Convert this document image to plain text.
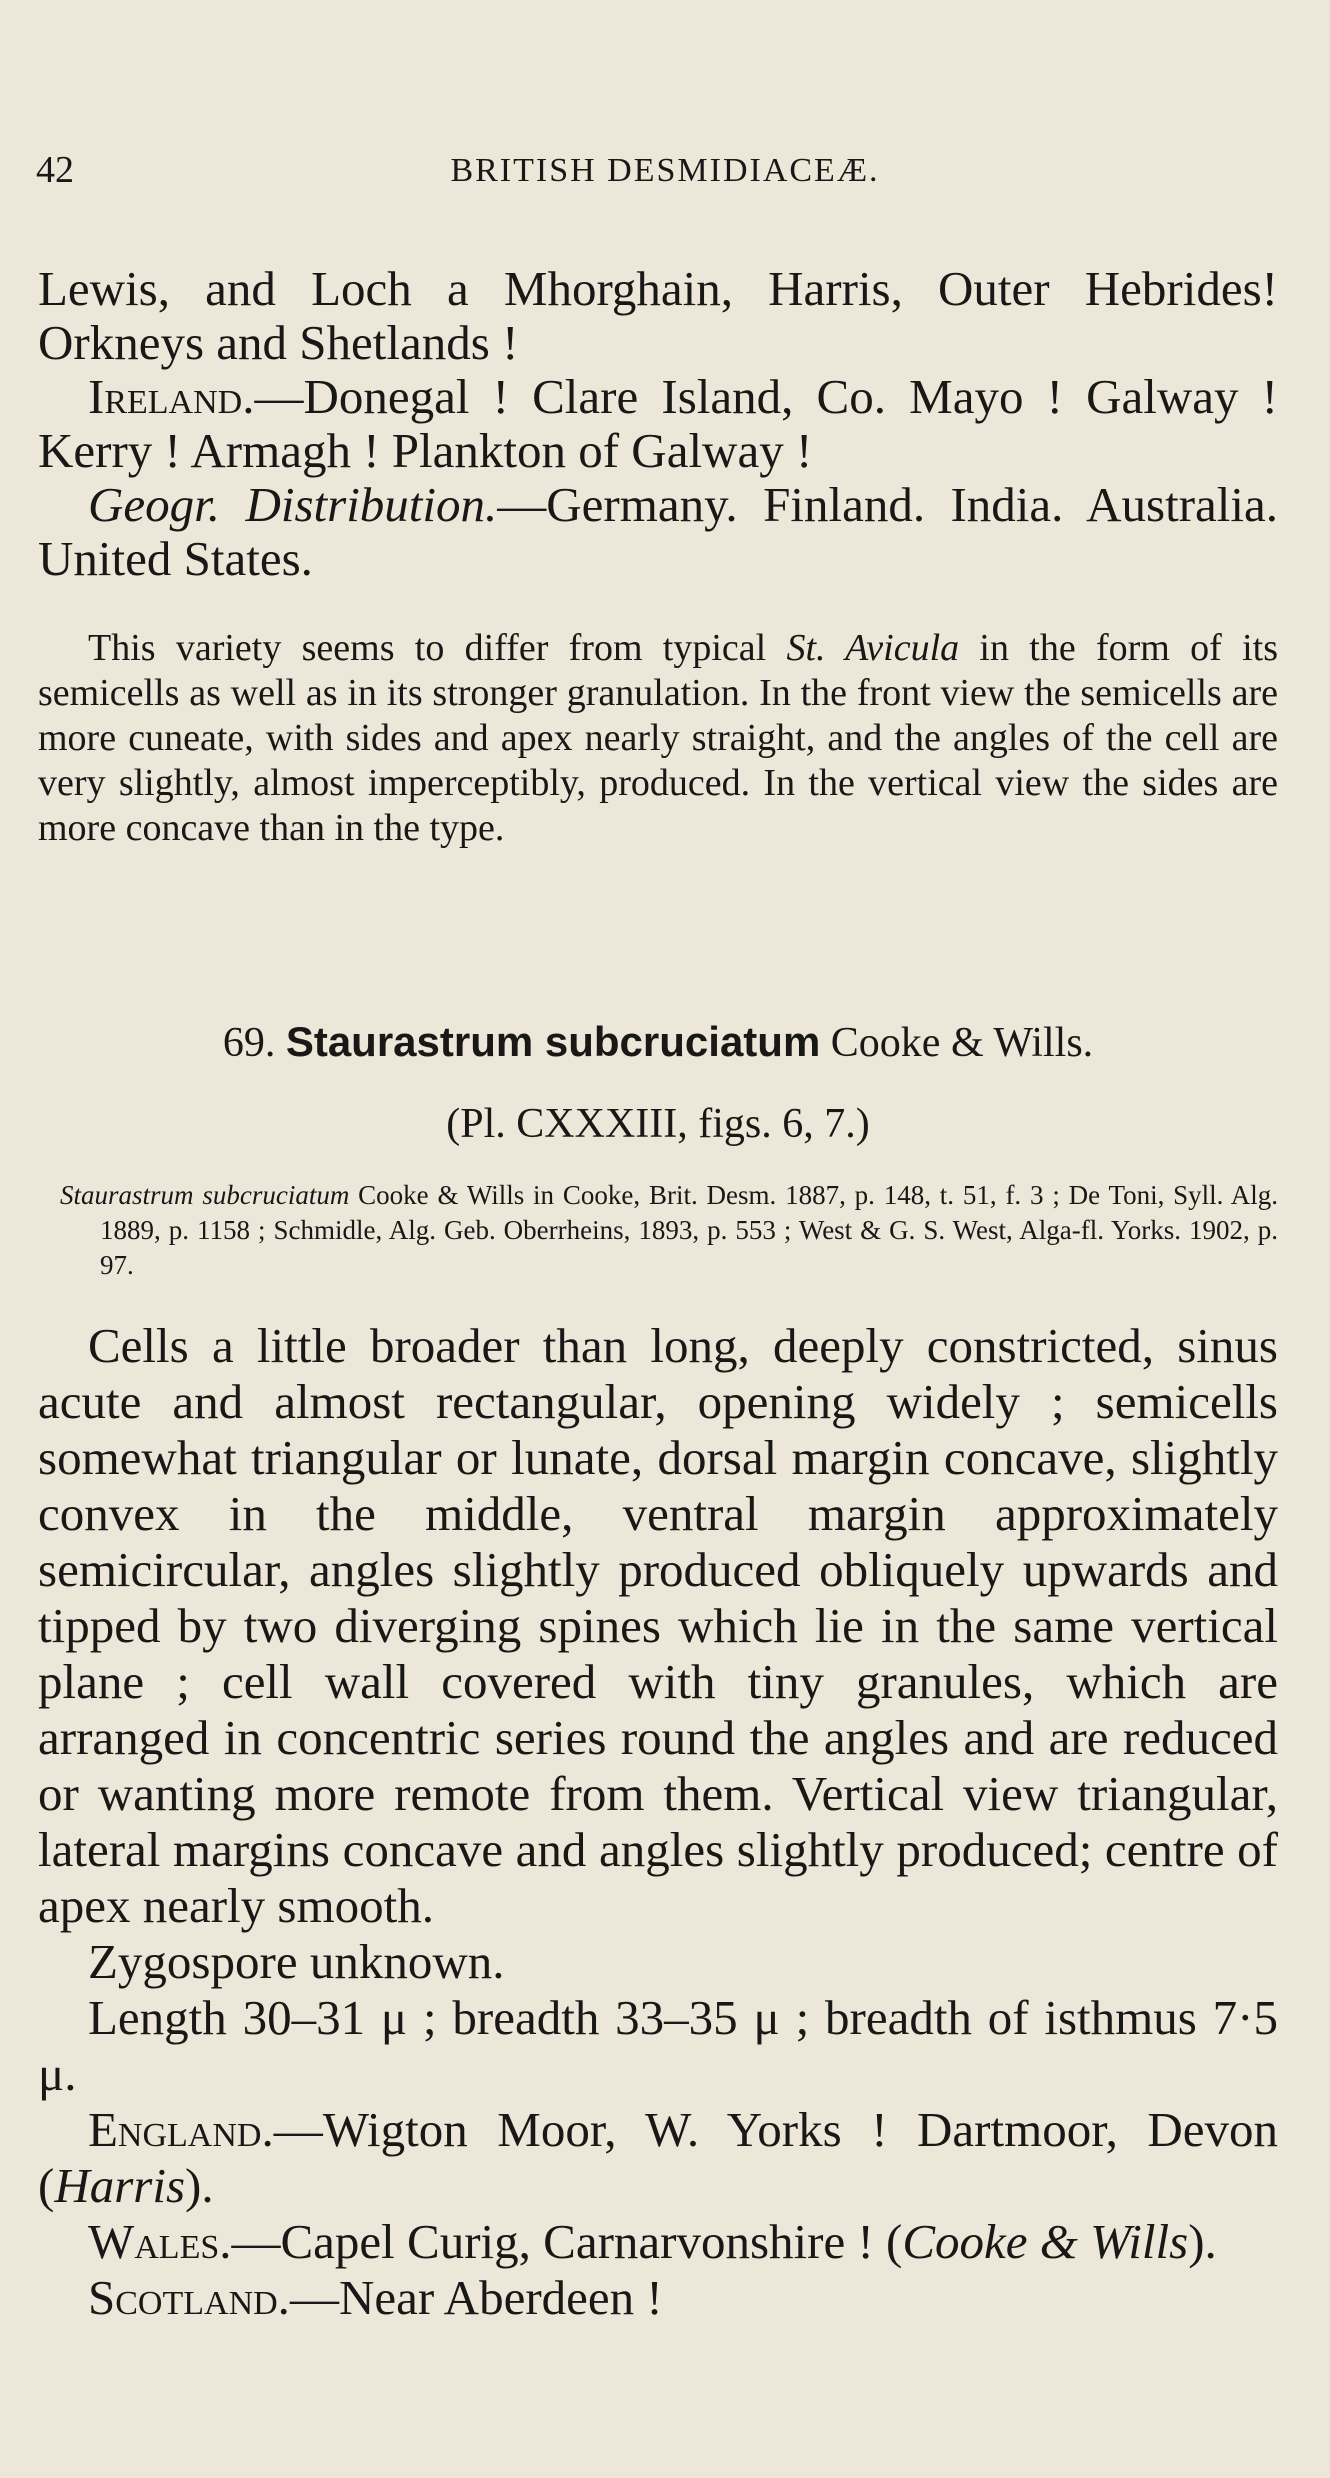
42	BRITISH DESMIDIACEÆ.

Lewis, and Loch a Mhorghain, Harris, Outer Hebrides! Orkneys and Shetlands !

Ireland.—Donegal ! Clare Island, Co. Mayo ! Galway ! Kerry ! Armagh ! Plankton of Galway !

Geogr. Distribution.—Germany. Finland. India. Australia. United States.

This variety seems to differ from typical St. Avicula in the form of its semicells as well as in its stronger granulation. In the front view the semicells are more cuneate, with sides and apex nearly straight, and the angles of the cell are very slightly, almost imperceptibly, produced. In the vertical view the sides are more concave than in the type.

69. Staurastrum subcruciatum Cooke & Wills.

(Pl. CXXXIII, figs. 6, 7.)

Staurastrum subcruciatum Cooke & Wills in Cooke, Brit. Desm. 1887, p. 148, t. 51, f. 3 ; De Toni, Syll. Alg. 1889, p. 1158 ; Schmidle, Alg. Geb. Oberrheins, 1893, p. 553 ; West & G. S. West, Alga-fl. Yorks. 1902, p. 97.

Cells a little broader than long, deeply constricted, sinus acute and almost rectangular, opening widely ; semicells somewhat triangular or lunate, dorsal margin concave, slightly convex in the middle, ventral margin approximately semicircular, angles slightly produced obliquely upwards and tipped by two diverging spines which lie in the same vertical plane ; cell wall covered with tiny granules, which are arranged in concentric series round the angles and are reduced or wanting more remote from them. Vertical view triangular, lateral margins concave and angles slightly produced; centre of apex nearly smooth.

Zygospore unknown.

Length 30–31 μ ; breadth 33–35 μ ; breadth of isthmus 7·5 μ.

England.—Wigton Moor, W. Yorks ! Dartmoor, Devon (Harris).

Wales.—Capel Curig, Carnarvonshire ! (Cooke & Wills).

Scotland.—Near Aberdeen !
